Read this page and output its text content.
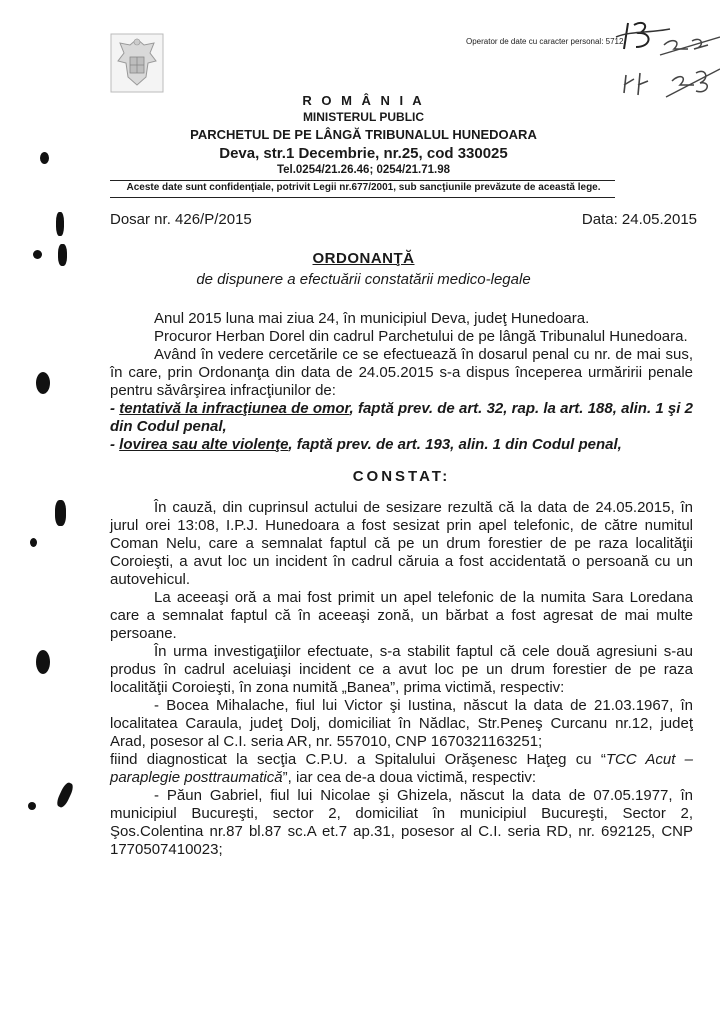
Operator de date cu caracter personal: 5712
R O M Â N I A
MINISTERUL PUBLIC
PARCHETUL DE PE LÂNGĂ TRIBUNALUL HUNEDOARA
Deva, str.1 Decembrie, nr.25, cod 330025
Tel.0254/21.26.46; 0254/21.71.98
Aceste date sunt confidenţiale, potrivit Legii nr.677/2001, sub sancţiunile prevăzute de această lege.
Dosar nr. 426/P/2015	Data: 24.05.2015
ORDONANŢĂ
de dispunere a efectuării constatării medico-legale

Anul 2015 luna mai ziua 24, în municipiul Deva, judeţ Hunedoara.

Procuror Herban Dorel din cadrul Parchetului de pe lângă Tribunalul Hunedoara.

Având în vedere cercetările ce se efectuează în dosarul penal cu nr. de mai sus, în care, prin Ordonanţa din data de 24.05.2015 s-a dispus începerea urmăririi penale pentru săvârşirea infracţiunilor de:

- tentativă la infracţiunea de omor, faptă prev. de art. 32, rap. la art. 188, alin. 1 şi 2 din Codul penal,

- lovirea sau alte violenţe, faptă prev. de art. 193, alin. 1 din Codul penal,

CONSTAT:

În cauză, din cuprinsul actului de sesizare rezultă că la data de 24.05.2015, în jurul orei 13:08, I.P.J. Hunedoara a fost sesizat prin apel telefonic, de către numitul Coman Nelu, care a semnalat faptul că pe un drum forestier de pe raza localităţii Coroieşti, a avut loc un incident în cadrul căruia a fost accidentată o persoană cu un autovehicul.

La aceeaşi oră a mai fost primit un apel telefonic de la numita Sara Loredana care a semnalat faptul că în aceeaşi zonă, un bărbat a fost agresat de mai multe persoane.

În urma investigaţiilor efectuate, s-a stabilit faptul că cele două agresiuni s-au produs în cadrul aceluiaşi incident ce a avut loc pe un drum forestier de pe raza localităţii Coroieşti, în zona numită „Banea”, prima victimă, respectiv:

- Bocea Mihalache, fiul lui Victor şi Iustina, născut la data de 21.03.1967, în localitatea Caraula, judeţ Dolj, domiciliat în Nădlac, Str.Peneş Curcanu nr.12, judeţ Arad, posesor al C.I. seria AR, nr. 557010, CNP 1670321163251;

fiind diagnosticat la secţia C.P.U. a Spitalului Orăşenesc Haţeg cu “TCC Acut – paraplegie posttraumatică”, iar cea de-a doua victimă, respectiv:

- Păun Gabriel, fiul lui Nicolae şi Ghizela, născut la data de 07.05.1977, în municipiul Bucureşti, sector 2, domiciliat în municipiul Bucureşti, Sector 2, Şos.Colentina nr.87 bl.87 sc.A et.7 ap.31, posesor al C.I. seria RD, nr. 692125, CNP 1770507410023;
